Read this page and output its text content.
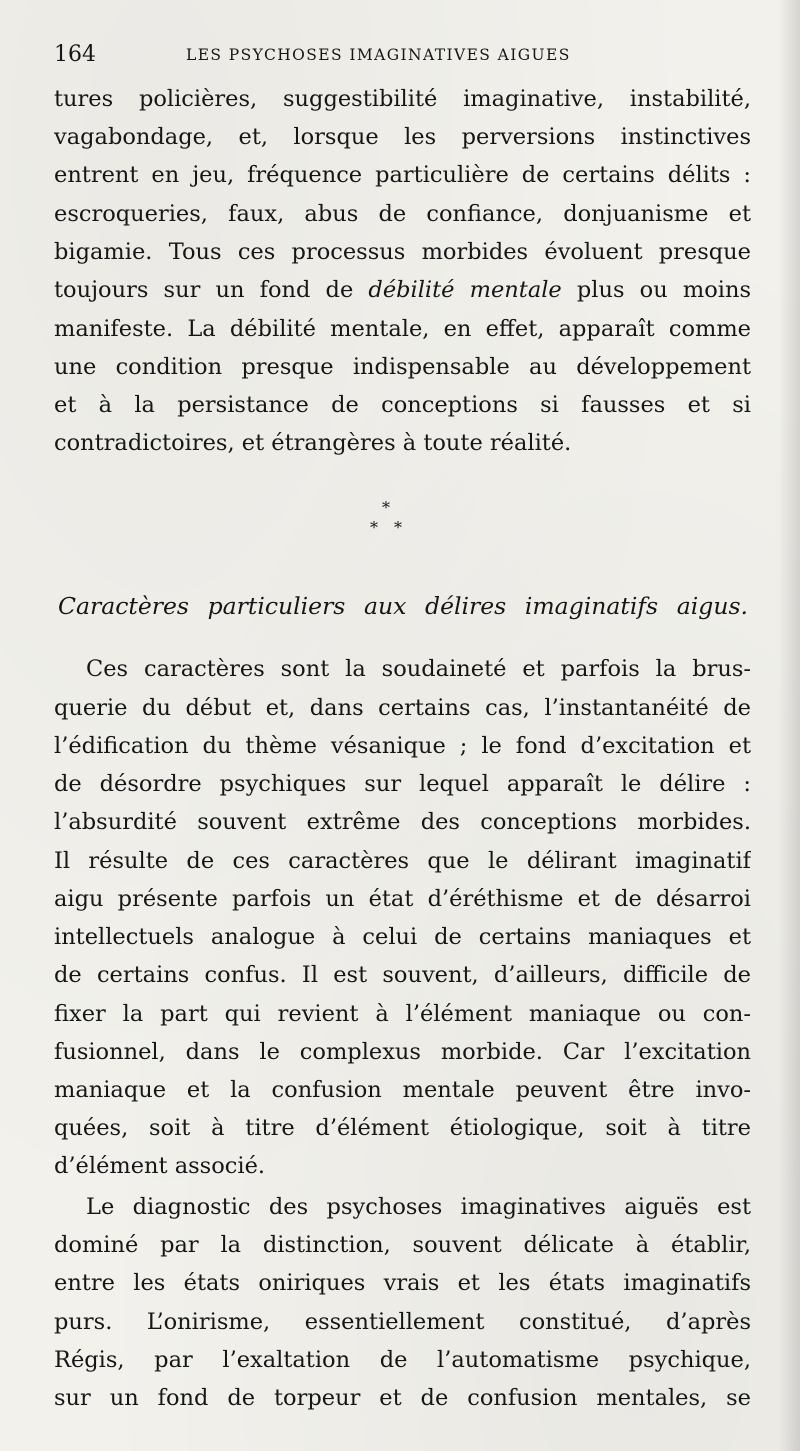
164	LES PSYCHOSES IMAGINATIVES AIGUES
tures policières, suggestibilité imaginative, instabilité,
vagabondage, et, lorsque les perversions instinctives
entrent en jeu, fréquence particulière de certains délits :
escroqueries, faux, abus de confiance, donjuanisme et
bigamie. Tous ces processus morbides évoluent presque
toujours sur un fond de débilité mentale plus ou moins
manifeste. La débilité mentale, en effet, apparaît comme
une condition presque indispensable au développement
et à la persistance de conceptions si fausses et si
contradictoires, et étrangères à toute réalité.
*
* *
Caractères particuliers aux délires imaginatifs aigus.
Ces caractères sont la soudaineté et parfois la brus-
querie du début et, dans certains cas, l’instantanéité de
l’édification du thème vésanique ; le fond d’excitation et
de désordre psychiques sur lequel apparaît le délire :
l’absurdité souvent extrême des conceptions morbides.
Il résulte de ces caractères que le délirant imaginatif
aigu présente parfois un état d’éréthisme et de désarroi
intellectuels analogue à celui de certains maniaques et
de certains confus. Il est souvent, d’ailleurs, difficile de
fixer la part qui revient à l’élément maniaque ou con-
fusionnel, dans le complexus morbide. Car l’excitation
maniaque et la confusion mentale peuvent être invo-
quées, soit à titre d’élément étiologique, soit à titre
d’élément associé.
Le diagnostic des psychoses imaginatives aiguës est
dominé par la distinction, souvent délicate à établir,
entre les états oniriques vrais et les états imaginatifs
purs. L’onirisme, essentiellement constitué, d’après
Régis, par l’exaltation de l’automatisme psychique,
sur un fond de torpeur et de confusion mentales, se
